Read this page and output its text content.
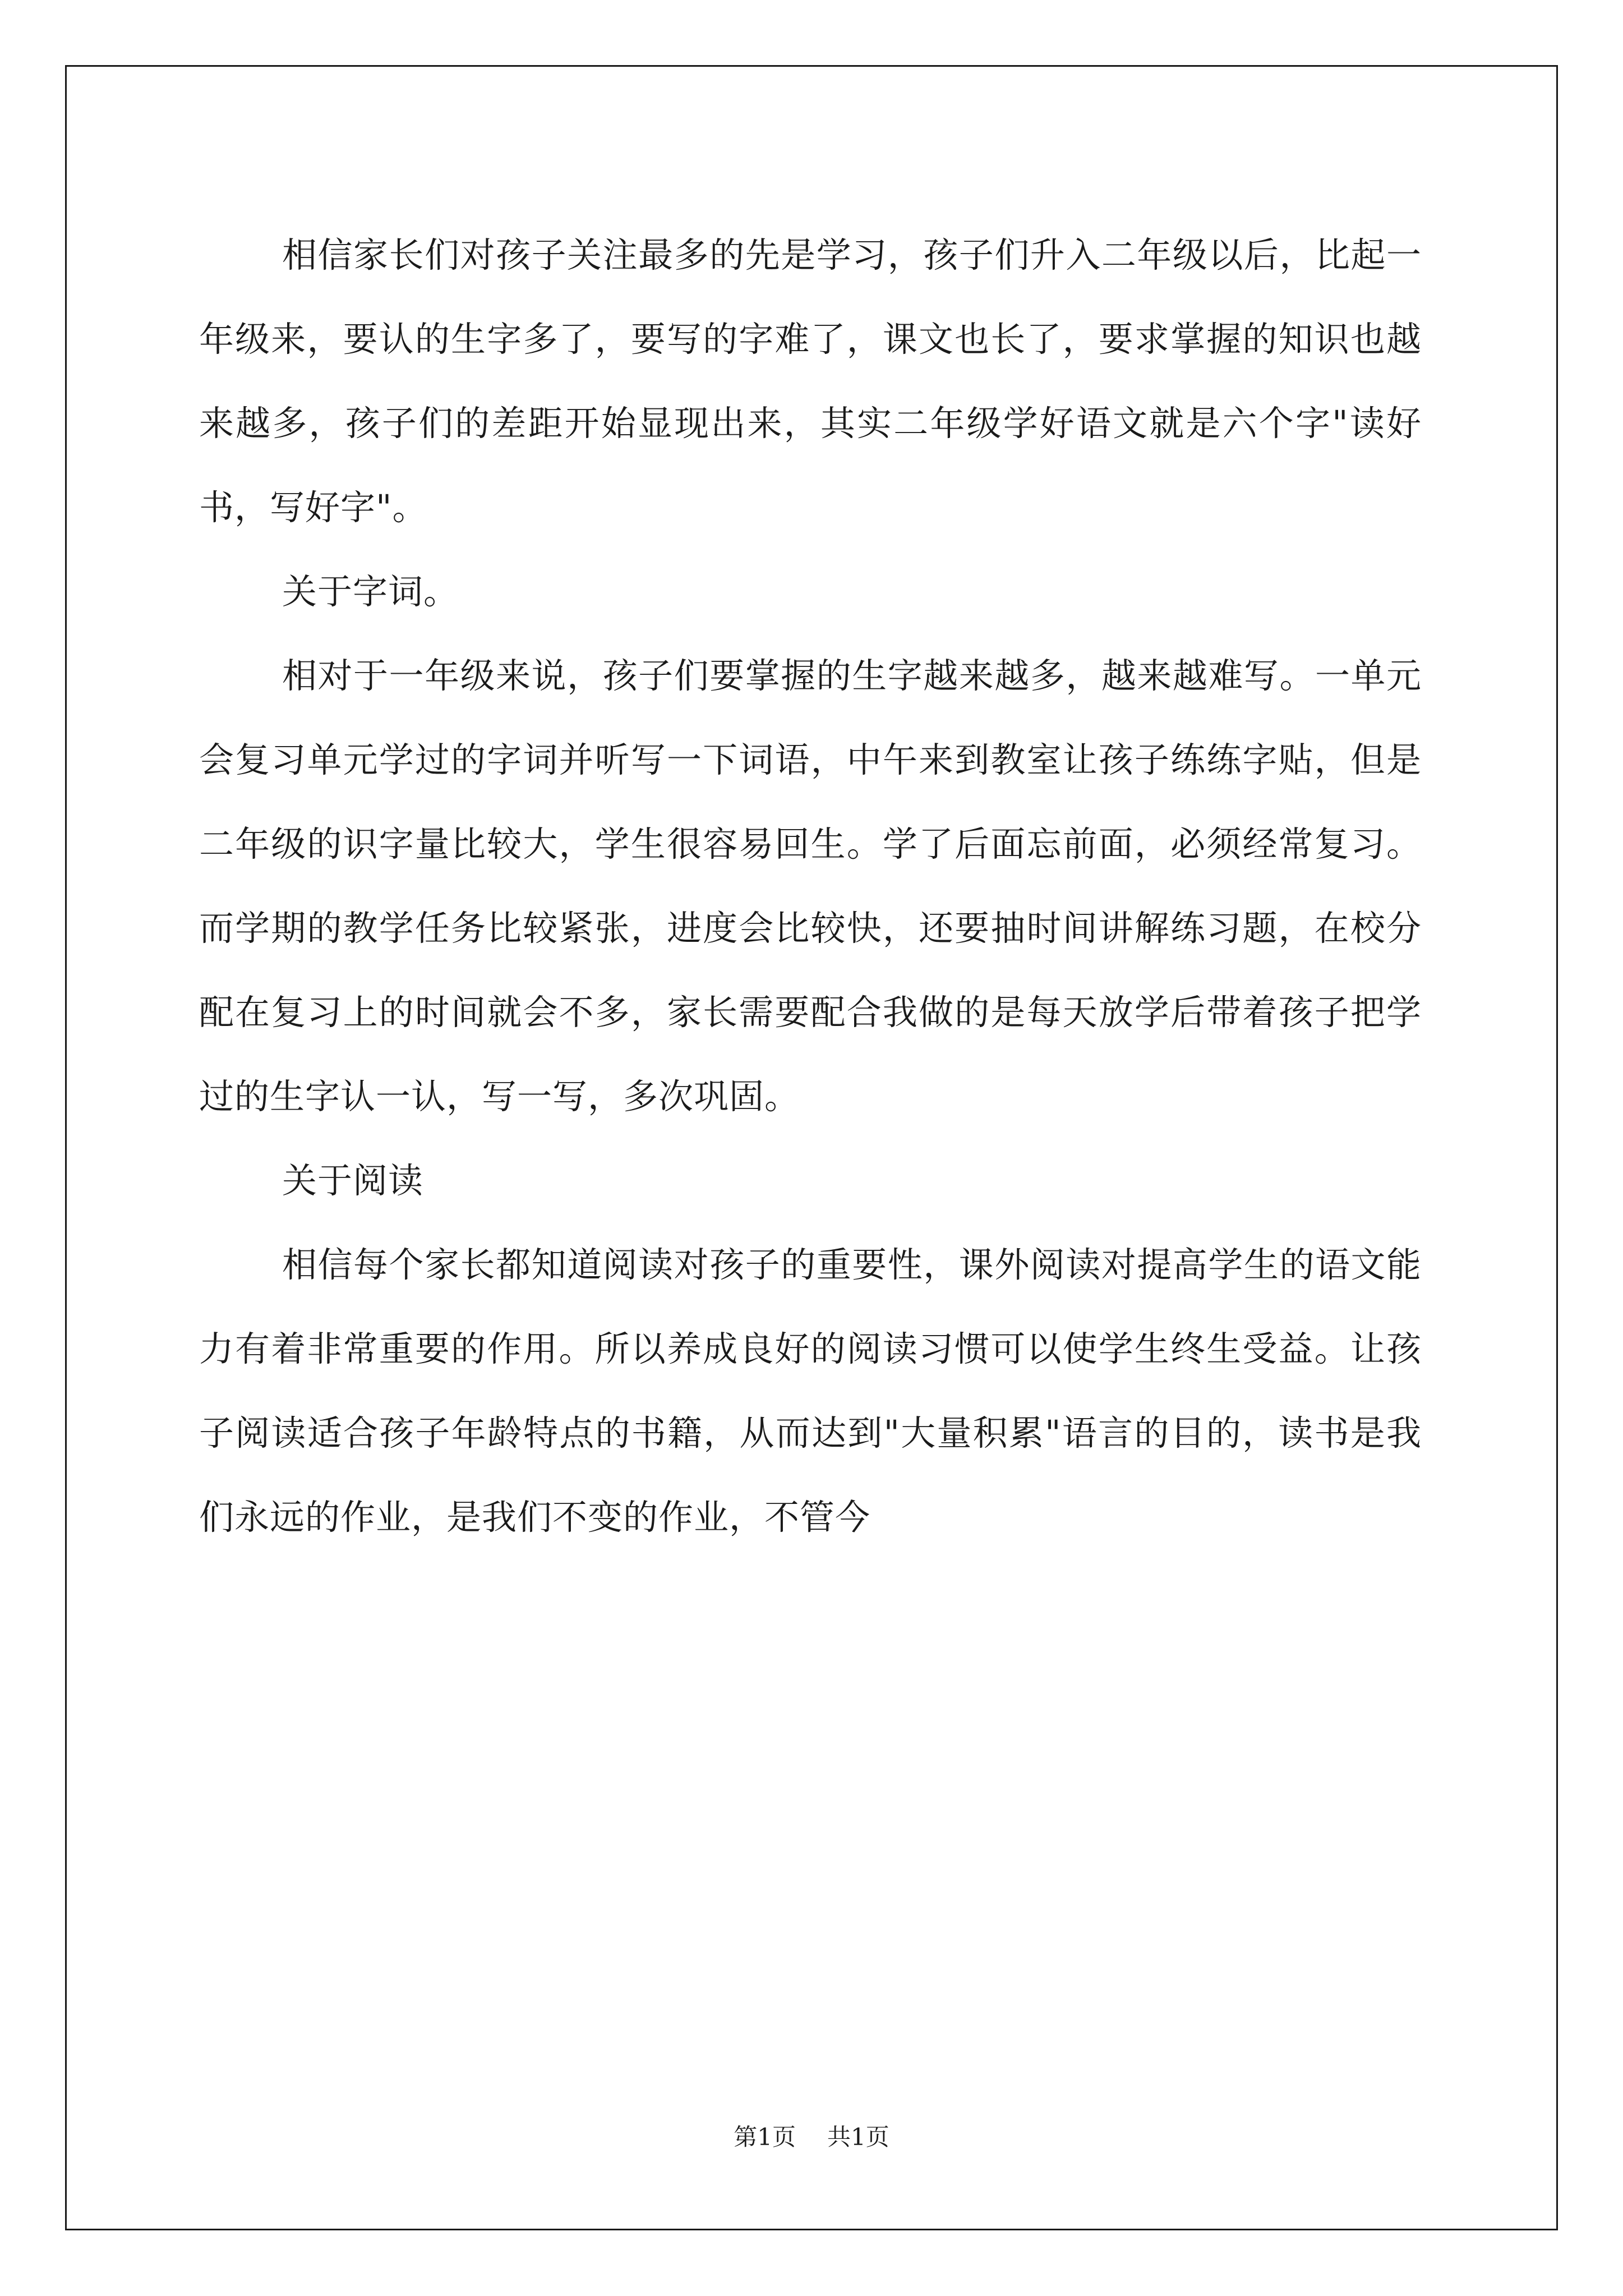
相信家长们对孩子关注最多的先是学习，孩子们升入二年级以后，比起一年级来，要认的生字多了，要写的字难了，课文也长了，要求掌握的知识也越来越多，孩子们的差距开始显现出来，其实二年级学好语文就是六个字"读好书，写好字"。

关于字词。

相对于一年级来说，孩子们要掌握的生字越来越多，越来越难写。一单元会复习单元学过的字词并听写一下词语，中午来到教室让孩子练练字贴，但是二年级的识字量比较大，学生很容易回生。学了后面忘前面，必须经常复习。而学期的教学任务比较紧张，进度会比较快，还要抽时间讲解练习题，在校分配在复习上的时间就会不多，家长需要配合我做的是每天放学后带着孩子把学过的生字认一认，写一写，多次巩固。

关于阅读

相信每个家长都知道阅读对孩子的重要性，课外阅读对提高学生的语文能力有着非常重要的作用。所以养成良好的阅读习惯可以使学生终生受益。让孩子阅读适合孩子年龄特点的书籍，从而达到"大量积累"语言的目的，读书是我们永远的作业，是我们不变的作业，不管今

第1页 共1页
